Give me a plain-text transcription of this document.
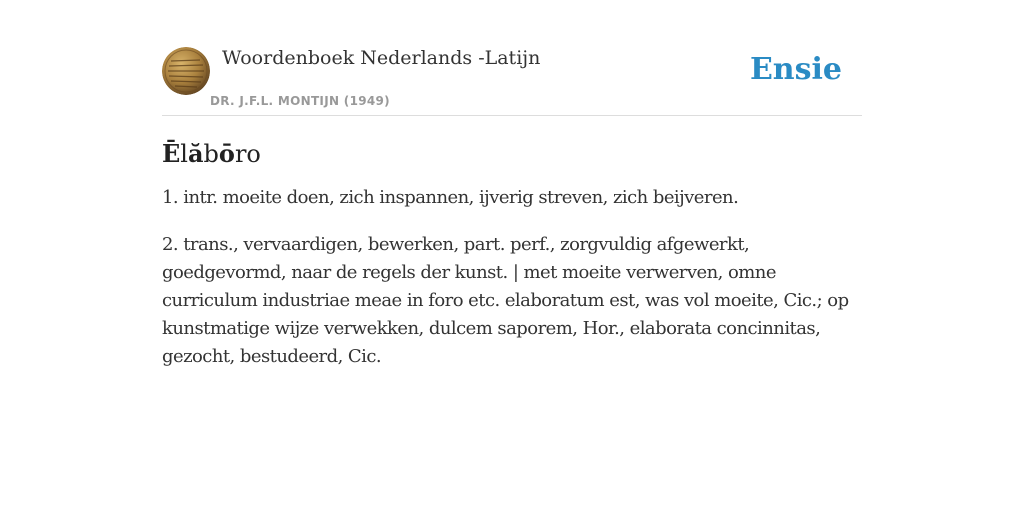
Woordenboek Nederlands -Latijn
DR. J.F.L. MONTIJN (1949)
Ensie
Ēlăbōro

1. intr. moeite doen, zich inspannen, ijverig streven, zich beijveren.

2. trans., vervaardigen, bewerken, part. perf., zorgvuldig afgewerkt, goedgevormd, naar de regels der kunst. | met moeite verwerven, omne curriculum industriae meae in foro etc. elaboratum est, was vol moeite, Cic.; op kunstmatige wijze verwekken, dulcem saporem, Hor., elaborata concinnitas, gezocht, bestudeerd, Cic.
